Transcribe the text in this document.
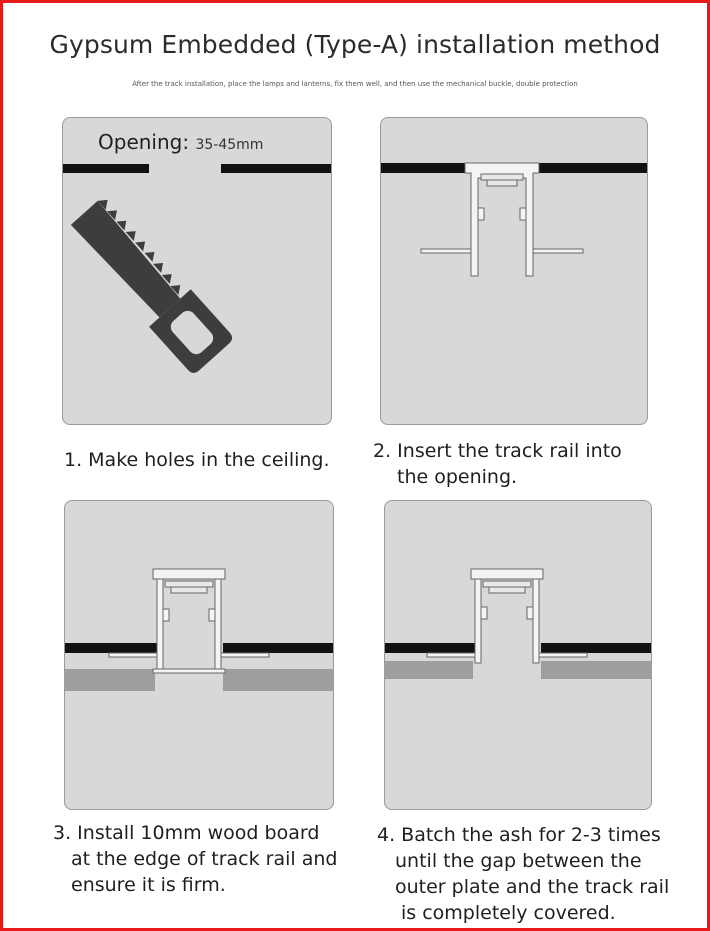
Gypsum Embedded (Type-A) installation method
After the track installation, place the lamps and lanterns, fix them well, and then use the mechanical buckle, double protection
Opening: 35-45mm
1. Make holes in the ceiling. 2. Insert the track rail into
the opening.
3. Install 10mm wood board
at the edge of track rail and
ensure it is firm.
4. Batch the ash for 2-3 times
until the gap between the
outer plate and the track rail
is completely covered.
